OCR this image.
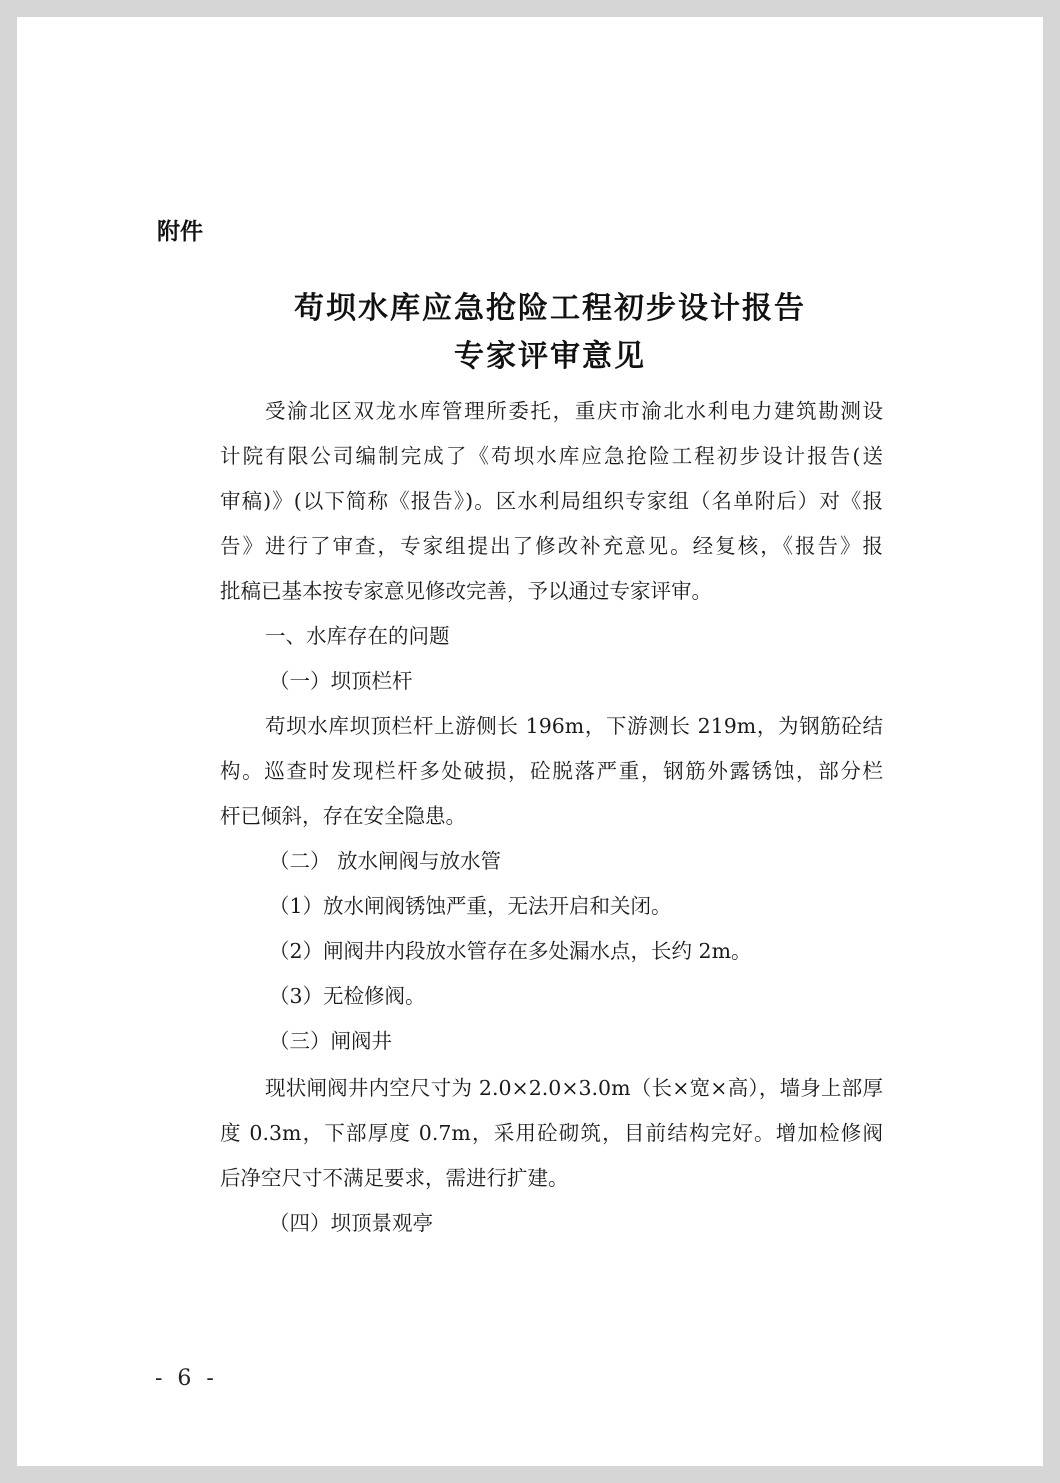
附件
苟坝水库应急抢险工程初步设计报告
专家评审意见
受渝北区双龙水库管理所委托，重庆市渝北水利电力建筑勘测设
计院有限公司编制完成了《苟坝水库应急抢险工程初步设计报告(送
审稿)》(以下简称《报告》)。区水利局组织专家组（名单附后）对《报
告》进行了审查，专家组提出了修改补充意见。经复核，《报告》报
批稿已基本按专家意见修改完善，予以通过专家评审。
一、水库存在的问题
（一）坝顶栏杆
苟坝水库坝顶栏杆上游侧长 196m，下游测长 219m，为钢筋砼结
构。巡查时发现栏杆多处破损，砼脱落严重，钢筋外露锈蚀，部分栏
杆已倾斜，存在安全隐患。
（二） 放水闸阀与放水管
（1）放水闸阀锈蚀严重，无法开启和关闭。
（2）闸阀井内段放水管存在多处漏水点，长约 2m。
（3）无检修阀。
（三）闸阀井
现状闸阀井内空尺寸为 2.0×2.0×3.0m（长×宽×高），墙身上部厚
度 0.3m，下部厚度 0.7m，采用砼砌筑，目前结构完好。增加检修阀
后净空尺寸不满足要求，需进行扩建。
（四）坝顶景观亭
- 6 -
